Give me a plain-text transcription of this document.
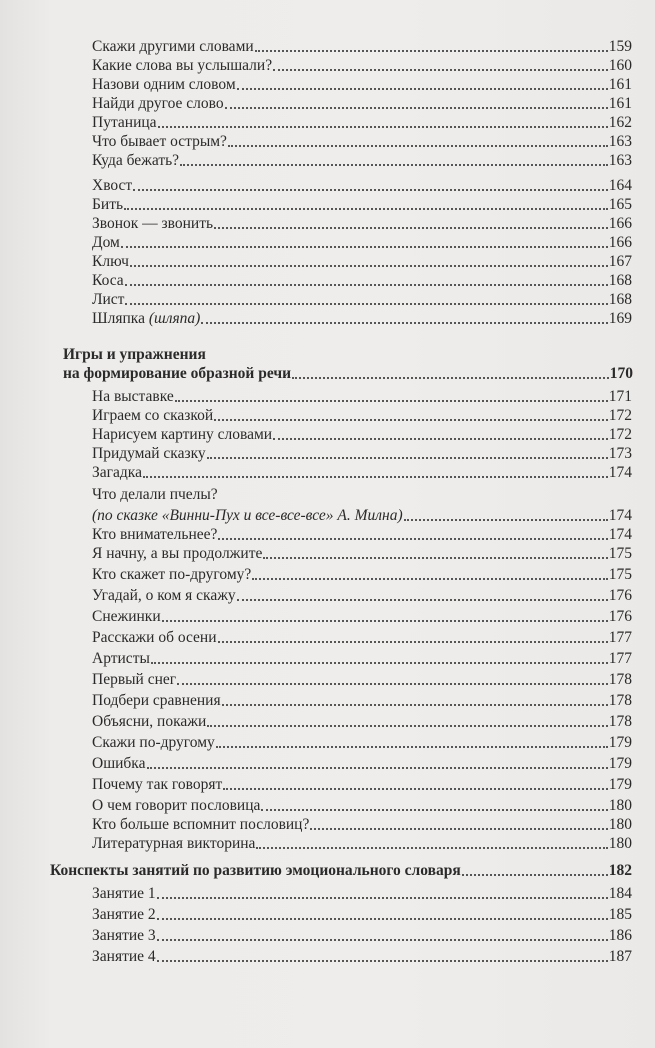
Скажи другими словами	159
Какие слова вы услышали?	160
Назови одним словом	161
Найди другое слово	161
Путаница	162
Что бывает острым?	163
Куда бежать?	163
Хвост	164
Бить	165
Звонок — звонить	166
Дом	166
Ключ	167
Коса	168
Лист	168
Шляпка (шляпа)	169
Игры и упражнения
на формирование образной речи	170
На выставке	171
Играем со сказкой	172
Нарисуем картину словами	172
Придумай сказку	173
Загадка	174
Что делали пчелы?
(по сказке «Винни-Пух и все-все-все» А. Милна)	174
Кто внимательнее?	174
Я начну, а вы продолжите	175
Кто скажет по-другому?	175
Угадай, о ком я скажу	176
Снежинки	176
Расскажи об осени	177
Артисты	177
Первый снег	178
Подбери сравнения	178
Объясни, покажи	178
Скажи по-другому	179
Ошибка	179
Почему так говорят	179
О чем говорит пословица	180
Кто больше вспомнит пословиц?	180
Литературная викторина	180
Конспекты занятий по развитию эмоционального словаря	182
Занятие 1	184
Занятие 2	185
Занятие 3	186
Занятие 4	187
